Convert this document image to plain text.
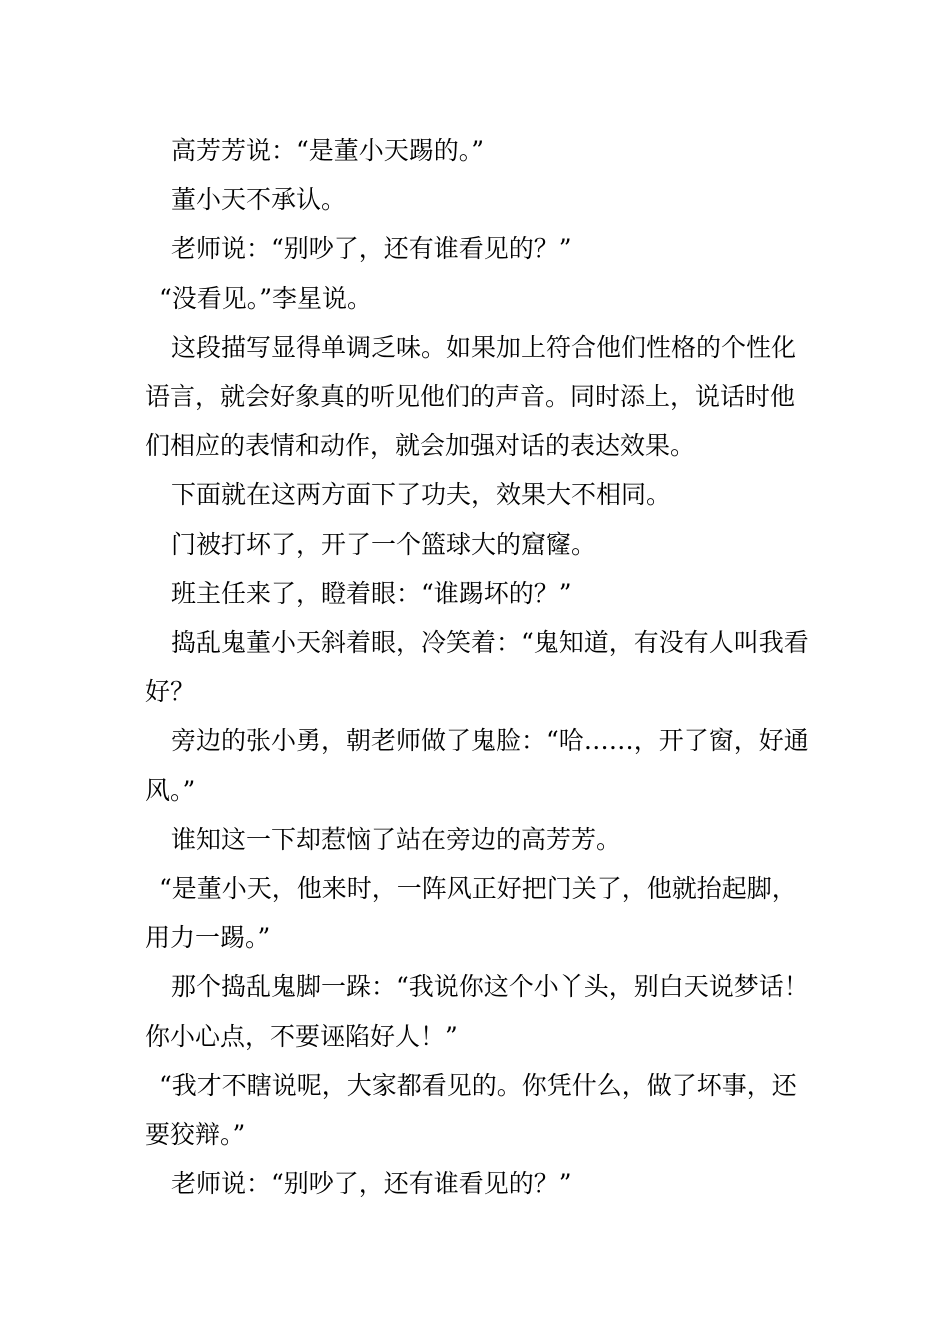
高芳芳说：“是董小天踢的。”

董小天不承认。

老师说：“别吵了，还有谁看见的？”

“没看见。”李星说。

这段描写显得单调乏味。如果加上符合他们性格的个性化语言，就会好象真的听见他们的声音。同时添上，说话时他们相应的表情和动作，就会加强对话的表达效果。

下面就在这两方面下了功夫，效果大不相同。

门被打坏了，开了一个篮球大的窟窿。

班主任来了，瞪着眼：“谁踢坏的？”

捣乱鬼董小天斜着眼，冷笑着：“鬼知道，有没有人叫我看好？

旁边的张小勇，朝老师做了鬼脸：“哈……，开了窗，好通风。”

谁知这一下却惹恼了站在旁边的高芳芳。

“是董小天，他来时，一阵风正好把门关了，他就抬起脚，用力一踢。”

那个捣乱鬼脚一跺：“我说你这个小丫头，别白天说梦话！你小心点，不要诬陷好人！”

“我才不瞎说呢，大家都看见的。你凭什么，做了坏事，还要狡辩。”

老师说：“别吵了，还有谁看见的？”
